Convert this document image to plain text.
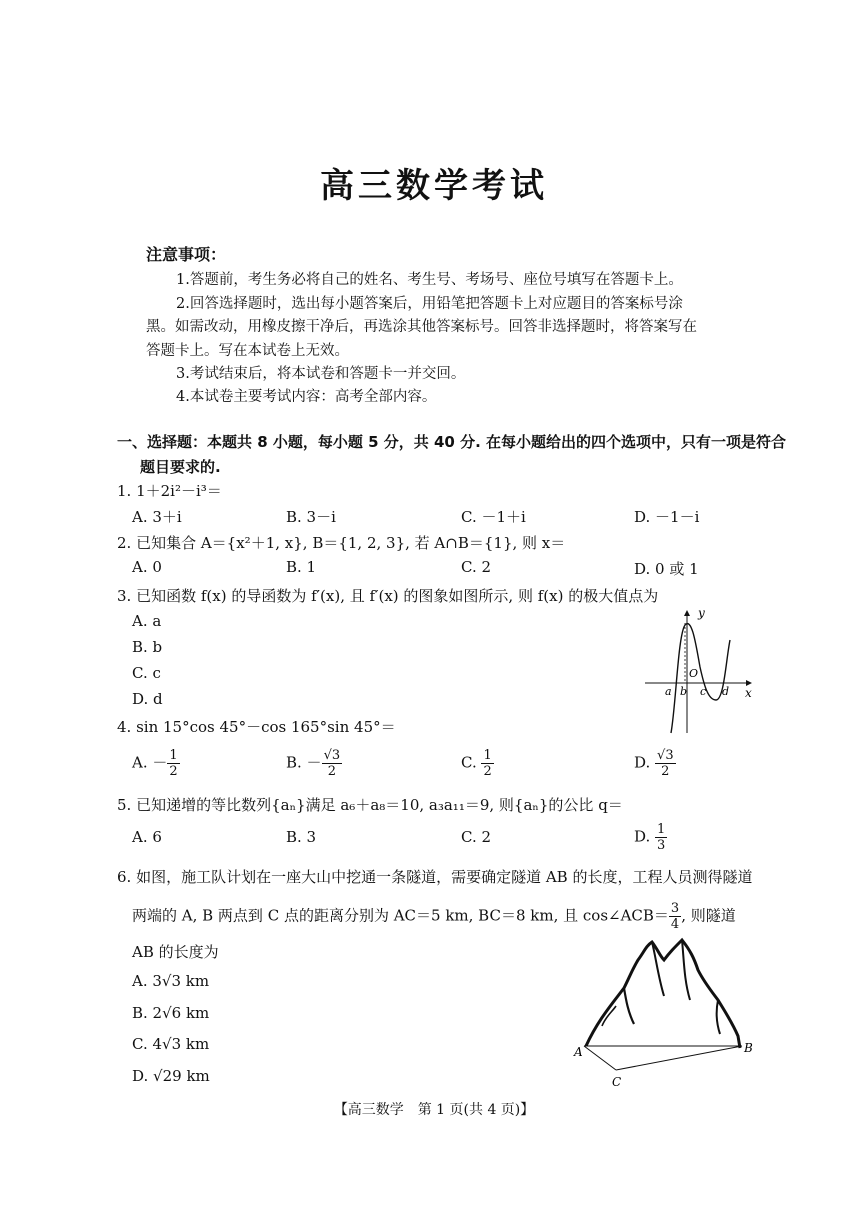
高三数学考试
注意事项：
1.答题前，考生务必将自己的姓名、考生号、考场号、座位号填写在答题卡上。
2.回答选择题时，选出每小题答案后，用铅笔把答题卡上对应题目的答案标号涂
黑。如需改动，用橡皮擦干净后，再选涂其他答案标号。回答非选择题时，将答案写在
答题卡上。写在本试卷上无效。
3.考试结束后，将本试卷和答题卡一并交回。
4.本试卷主要考试内容：高考全部内容。
一、选择题：本题共 8 小题，每小题 5 分，共 40 分. 在每小题给出的四个选项中，只有一项是符合
题目要求的.
1. 1＋2i²－i³＝
A. 3＋i	B. 3－i	C. －1＋i	D. －1－i
2. 已知集合 A＝{x²＋1, x}, B＝{1, 2, 3}, 若 A∩B＝{1}, 则 x＝
A. 0	B. 1	C. 2	D. 0 或 1
3. 已知函数 f(x) 的导函数为 f′(x), 且 f′(x) 的图象如图所示, 则 f(x) 的极大值点为
A. a
B. b
C. c
D. d
y
x
O
a b c d
4. sin 15°cos 45°－cos 165°sin 45°＝
A. － $\frac{1}{2}$	B. － $\frac{√3}{2}$	C. $\frac{1}{2}$	D. $\frac{√3}{2}$
5. 已知递增的等比数列{aₙ}满足 a₆＋a₈＝10, a₃a₁₁＝9, 则{aₙ}的公比 q＝
A. 6	B. 3	C. 2	D. $\frac{1}{3}$
6. 如图，施工队计划在一座大山中挖通一条隧道，需要确定隧道 AB 的长度，工程人员测得隧道
两端的 A, B 两点到 C 点的距离分别为 AC＝5 km, BC＝8 km, 且 cos∠ACB＝ $\frac{3}{4}$ , 则隧道
AB 的长度为
A. 3√3 km
B. 2√6 km
C. 4√3 km
D. √29 km
A	B
C
【高三数学　第 1 页(共 4 页)】
